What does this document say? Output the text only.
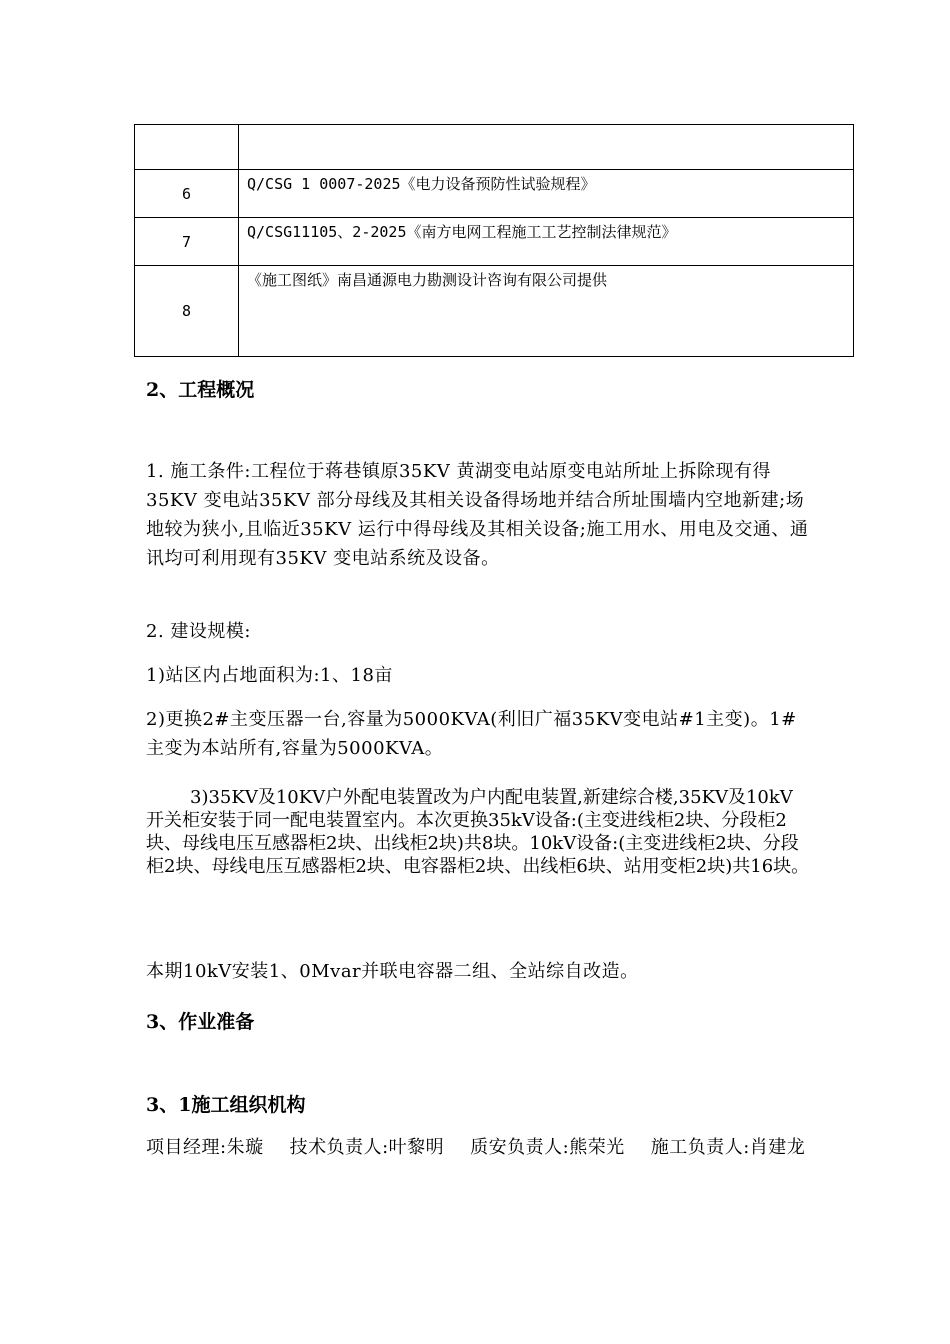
6	Q/CSG 1 0007-2025《电力设备预防性试验规程》
7	Q/CSG11105、2-2025《南方电网工程施工工艺控制法律规范》
8	《施工图纸》南昌通源电力勘测设计咨询有限公司提供
2、工程概况
1. 施工条件:工程位于蒋巷镇原35KV 黄湖变电站原变电站所址上拆除现有得35KV 变电站35KV 部分母线及其相关设备得场地并结合所址围墙内空地新建;场地较为狭小,且临近35KV 运行中得母线及其相关设备;施工用水、用电及交通、通讯均可利用现有35KV 变电站系统及设备。
2. 建设规模:
1)站区内占地面积为:1、18亩
2)更换2#主变压器一台,容量为5000KVA(利旧广福35KV变电站#1主变)。1#主变为本站所有,容量为5000KVA。
3)35KV及10KV户外配电装置改为户内配电装置,新建综合楼,35KV及10kV开关柜安装于同一配电装置室内。本次更换35kV设备:(主变进线柜2块、分段柜2块、母线电压互感器柜2块、出线柜2块)共8块。10kV设备:(主变进线柜2块、分段柜2块、母线电压互感器柜2块、电容器柜2块、出线柜6块、站用变柜2块)共16块。
本期10kV安装1、0Mvar并联电容器二组、全站综自改造。
3、作业准备
3、1施工组织机构
项目经理:朱璇 技术负责人:叶黎明 质安负责人:熊荣光 施工负责人:肖建龙
